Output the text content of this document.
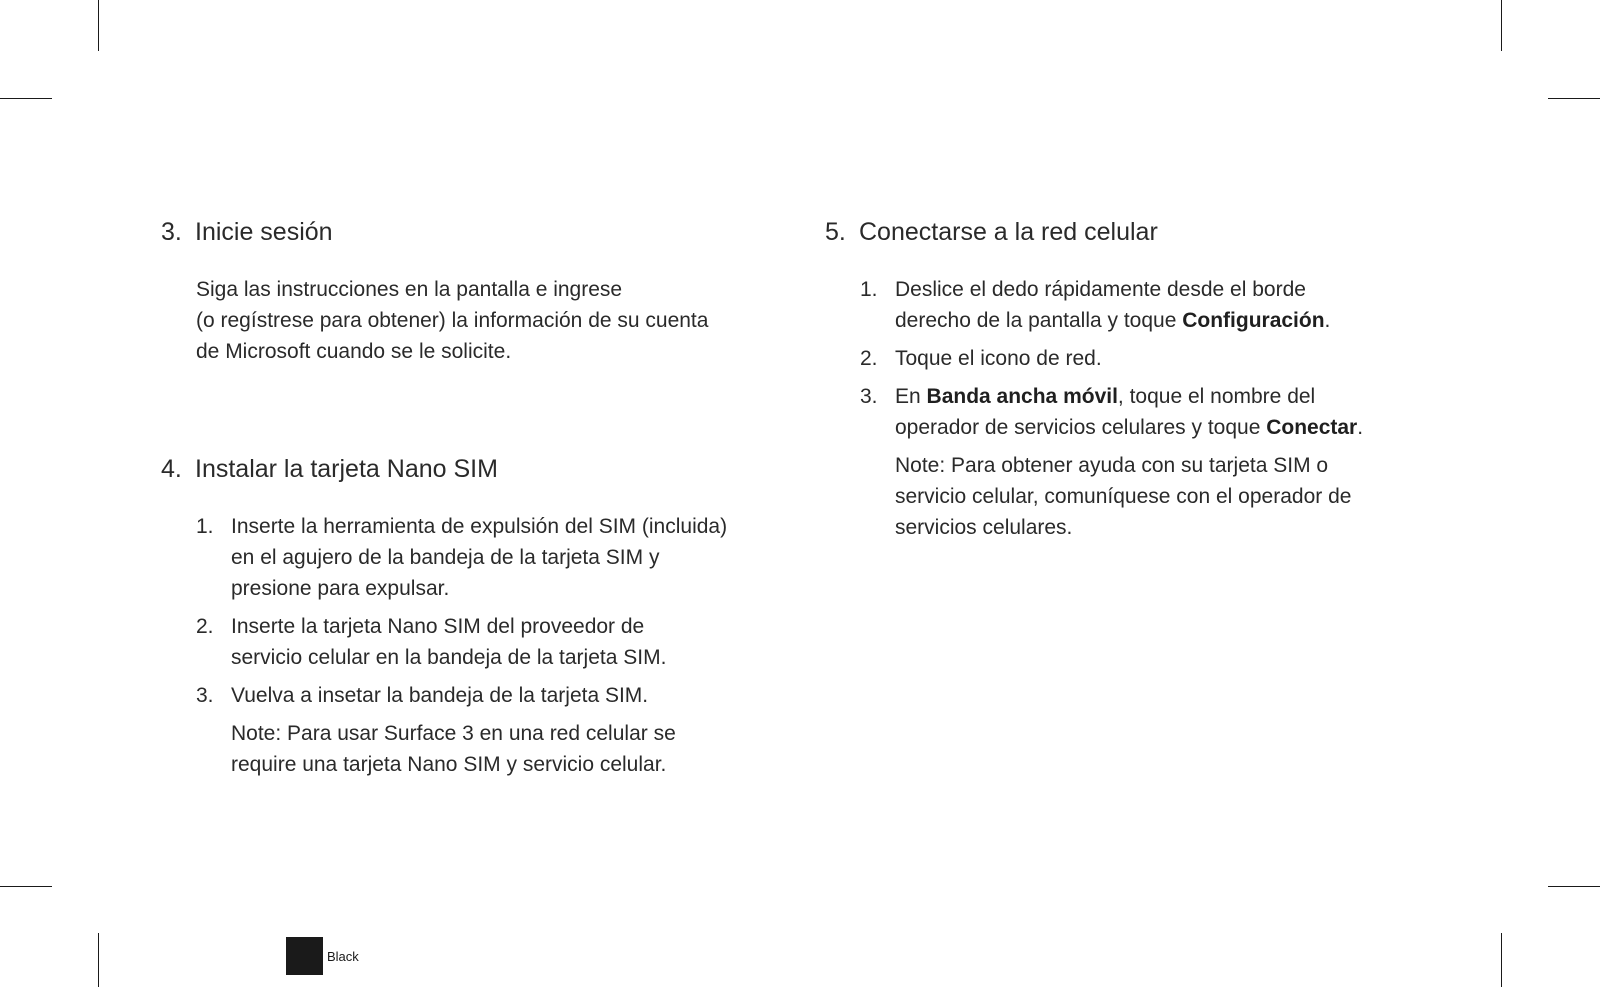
3. Inicie sesión

Siga las instrucciones en la pantalla e ingrese
(o regístrese para obtener) la información de su cuenta
de Microsoft cuando se le solicite.

4. Instalar la tarjeta Nano SIM
1. Inserte la herramienta de expulsión del SIM (incluida)
en el agujero de la bandeja de la tarjeta SIM y
presione para expulsar.
2. Inserte la tarjeta Nano SIM del proveedor de
servicio celular en la bandeja de la tarjeta SIM.
3. Vuelva a insetar la bandeja de la tarjeta SIM.
Note: Para usar Surface 3 en una red celular se
require una tarjeta Nano SIM y servicio celular.
5. Conectarse a la red celular
1. Deslice el dedo rápidamente desde el borde
derecho de la pantalla y toque Configuración.
2. Toque el icono de red.
3. En Banda ancha móvil, toque el nombre del
operador de servicios celulares y toque Conectar.
Note: Para obtener ayuda con su tarjeta SIM o
servicio celular, comuníquese con el operador de
servicios celulares.
Black
